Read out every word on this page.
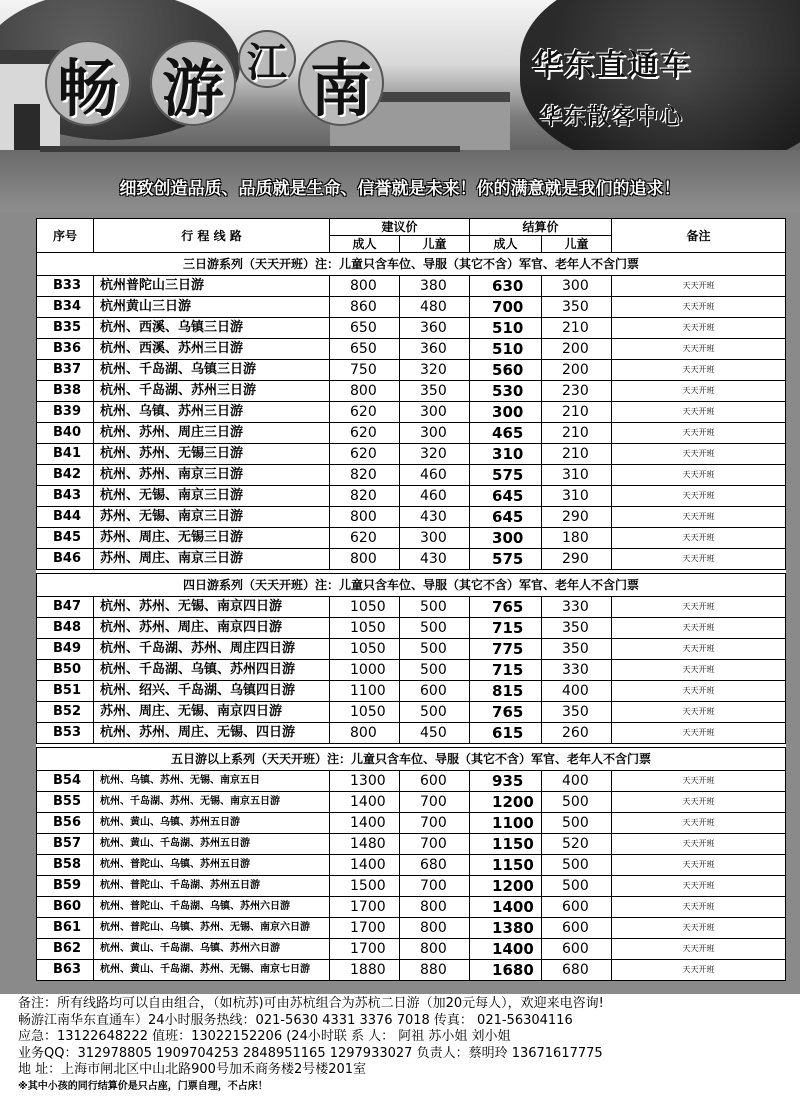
畅 游 江 南	华东直通车
华东散客中心
细致创造品质、品质就是生命、信誉就是未来！你的满意就是我们的追求！
序号	行 程 线 路	建议价		结算价		备注
		成人	儿童	成人	儿童	
三日游系列（天天开班）注：儿童只含车位、导服（其它不含）军官、老年人不含门票						
B33	杭州普陀山三日游	800	380	630	300	天天开班
B34	杭州黄山三日游	860	480	700	350	天天开班
B35	杭州、西溪、乌镇三日游	650	360	510	210	天天开班
B36	杭州、西溪、苏州三日游	650	360	510	200	天天开班
B37	杭州、千岛湖、乌镇三日游	750	320	560	200	天天开班
B38	杭州、千岛湖、苏州三日游	800	350	530	230	天天开班
B39	杭州、乌镇、苏州三日游	620	300	300	210	天天开班
B40	杭州、苏州、周庄三日游	620	300	465	210	天天开班
B41	杭州、苏州、无锡三日游	620	320	310	210	天天开班
B42	杭州、苏州、南京三日游	820	460	575	310	天天开班
B43	杭州、无锡、南京三日游	820	460	645	310	天天开班
B44	苏州、无锡、南京三日游	800	430	645	290	天天开班
B45	苏州、周庄、无锡三日游	620	300	300	180	天天开班
B46	苏州、周庄、南京三日游	800	430	575	290	天天开班

四日游系列（天天开班）注：儿童只含车位、导服（其它不含）军官、老年人不含门票						
B47	杭州、苏州、无锡、南京四日游	1050	500	765	330	天天开班
B48	杭州、苏州、周庄、南京四日游	1050	500	715	350	天天开班
B49	杭州、千岛湖、苏州、周庄四日游	1050	500	775	350	天天开班
B50	杭州、千岛湖、乌镇、苏州四日游	1000	500	715	330	天天开班
B51	杭州、绍兴、千岛湖、乌镇四日游	1100	600	815	400	天天开班
B52	苏州、周庄、无锡、南京四日游	1050	500	765	350	天天开班
B53	杭州、苏州、周庄、无锡、四日游	800	450	615	260	天天开班

五日游以上系列（天天开班）注：儿童只含车位、导服（其它不含）军官、老年人不含门票						
B54	杭州、乌镇、苏州、无锡、南京五日	1300	600	935	400	天天开班
B55	杭州、千岛湖、苏州、无锡、南京五日游	1400	700	1200	500	天天开班
B56	杭州、黄山、乌镇、苏州五日游	1400	700	1100	500	天天开班
B57	杭州、黄山、千岛湖、苏州五日游	1480	700	1150	520	天天开班
B58	杭州、普陀山、乌镇、苏州五日游	1400	680	1150	500	天天开班
B59	杭州、普陀山、千岛湖、苏州五日游	1500	700	1200	500	天天开班
B60	杭州、普陀山、千岛湖、乌镇、苏州六日游	1700	800	1400	600	天天开班
B61	杭州、普陀山、乌镇、苏州、无锡、南京六日游	1700	800	1380	600	天天开班
B62	杭州、黄山、千岛湖、乌镇、苏州六日游	1700	800	1400	600	天天开班
B63	杭州、黄山、千岛湖、苏州、无锡、南京七日游	1880	880	1680	680	天天开班
备注：所有线路均可以自由组合，（如杭苏)可由苏杭组合为苏杭二日游（加20元每人），欢迎来电咨询!
畅游江南华东直通车）24小时服务热线：021-5630 4331 3376 7018 传真： 021-56304116
应急：13122648222 值班：13022152206 (24小时联 系 人： 阿祖 苏小姐 刘小姐
业务QQ：312978805 1909704253 2848951165 1297933027 负责人：蔡明玲 13671617775
地 址：上海市闸北区中山北路900号加禾商务楼2号楼201室
※其中小孩的同行结算价是只占座，门票自理，不占床！
